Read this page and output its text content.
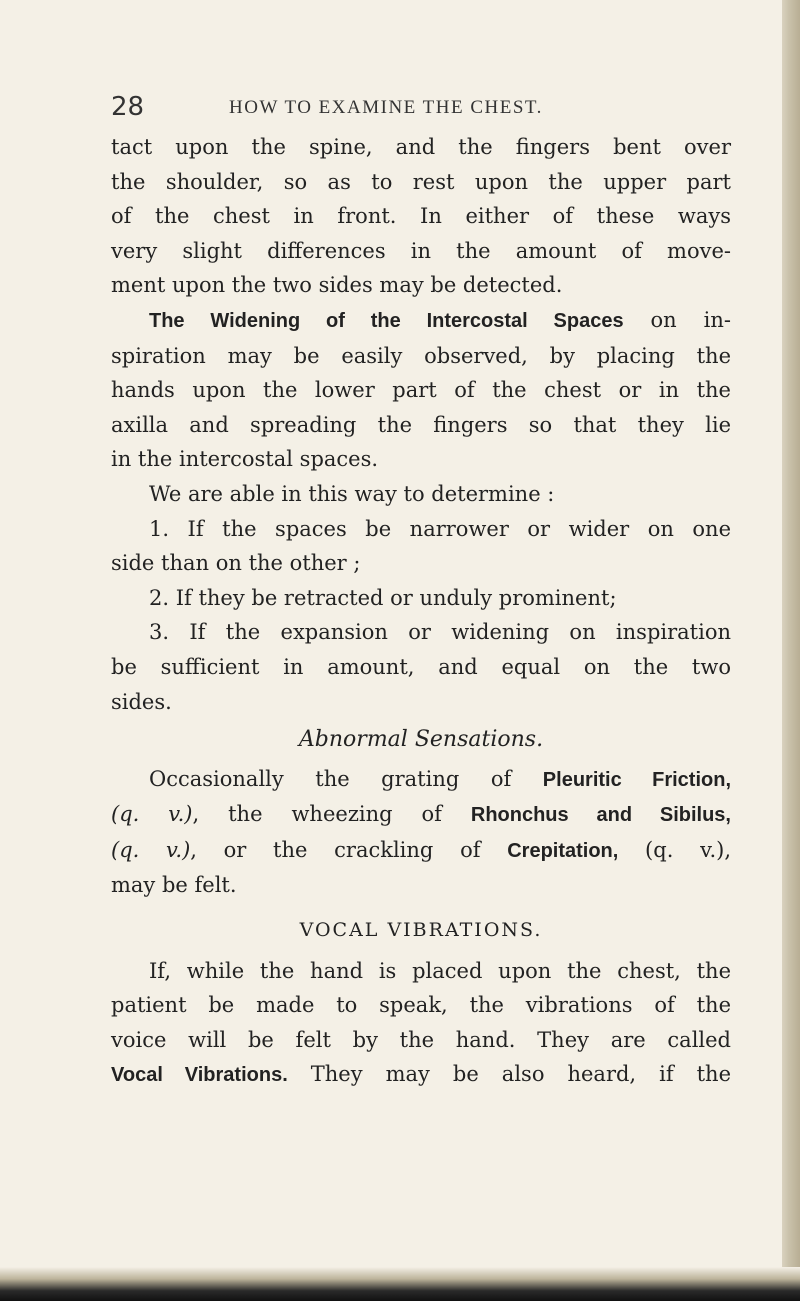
28	HOW TO EXAMINE THE CHEST.
tact upon the spine, and the fingers bent over
the shoulder, so as to rest upon the upper part
of the chest in front. In either of these ways
very slight differences in the amount of move-
ment upon the two sides may be detected.
The Widening of the Intercostal Spaces on in-
spiration may be easily observed, by placing the
hands upon the lower part of the chest or in the
axilla and spreading the fingers so that they lie
in the intercostal spaces.
We are able in this way to determine :
1. If the spaces be narrower or wider on one
side than on the other ;
2. If they be retracted or unduly prominent;
3. If the expansion or widening on inspiration
be sufficient in amount, and equal on the two
sides.
Abnormal Sensations.
Occasionally the grating of Pleuritic Friction,
(q. v.), the wheezing of Rhonchus and Sibilus,
(q. v.), or the crackling of Crepitation, (q. v.),
may be felt.
VOCAL VIBRATIONS.
If, while the hand is placed upon the chest, the
patient be made to speak, the vibrations of the
voice will be felt by the hand. They are called
Vocal Vibrations. They may be also heard, if the
